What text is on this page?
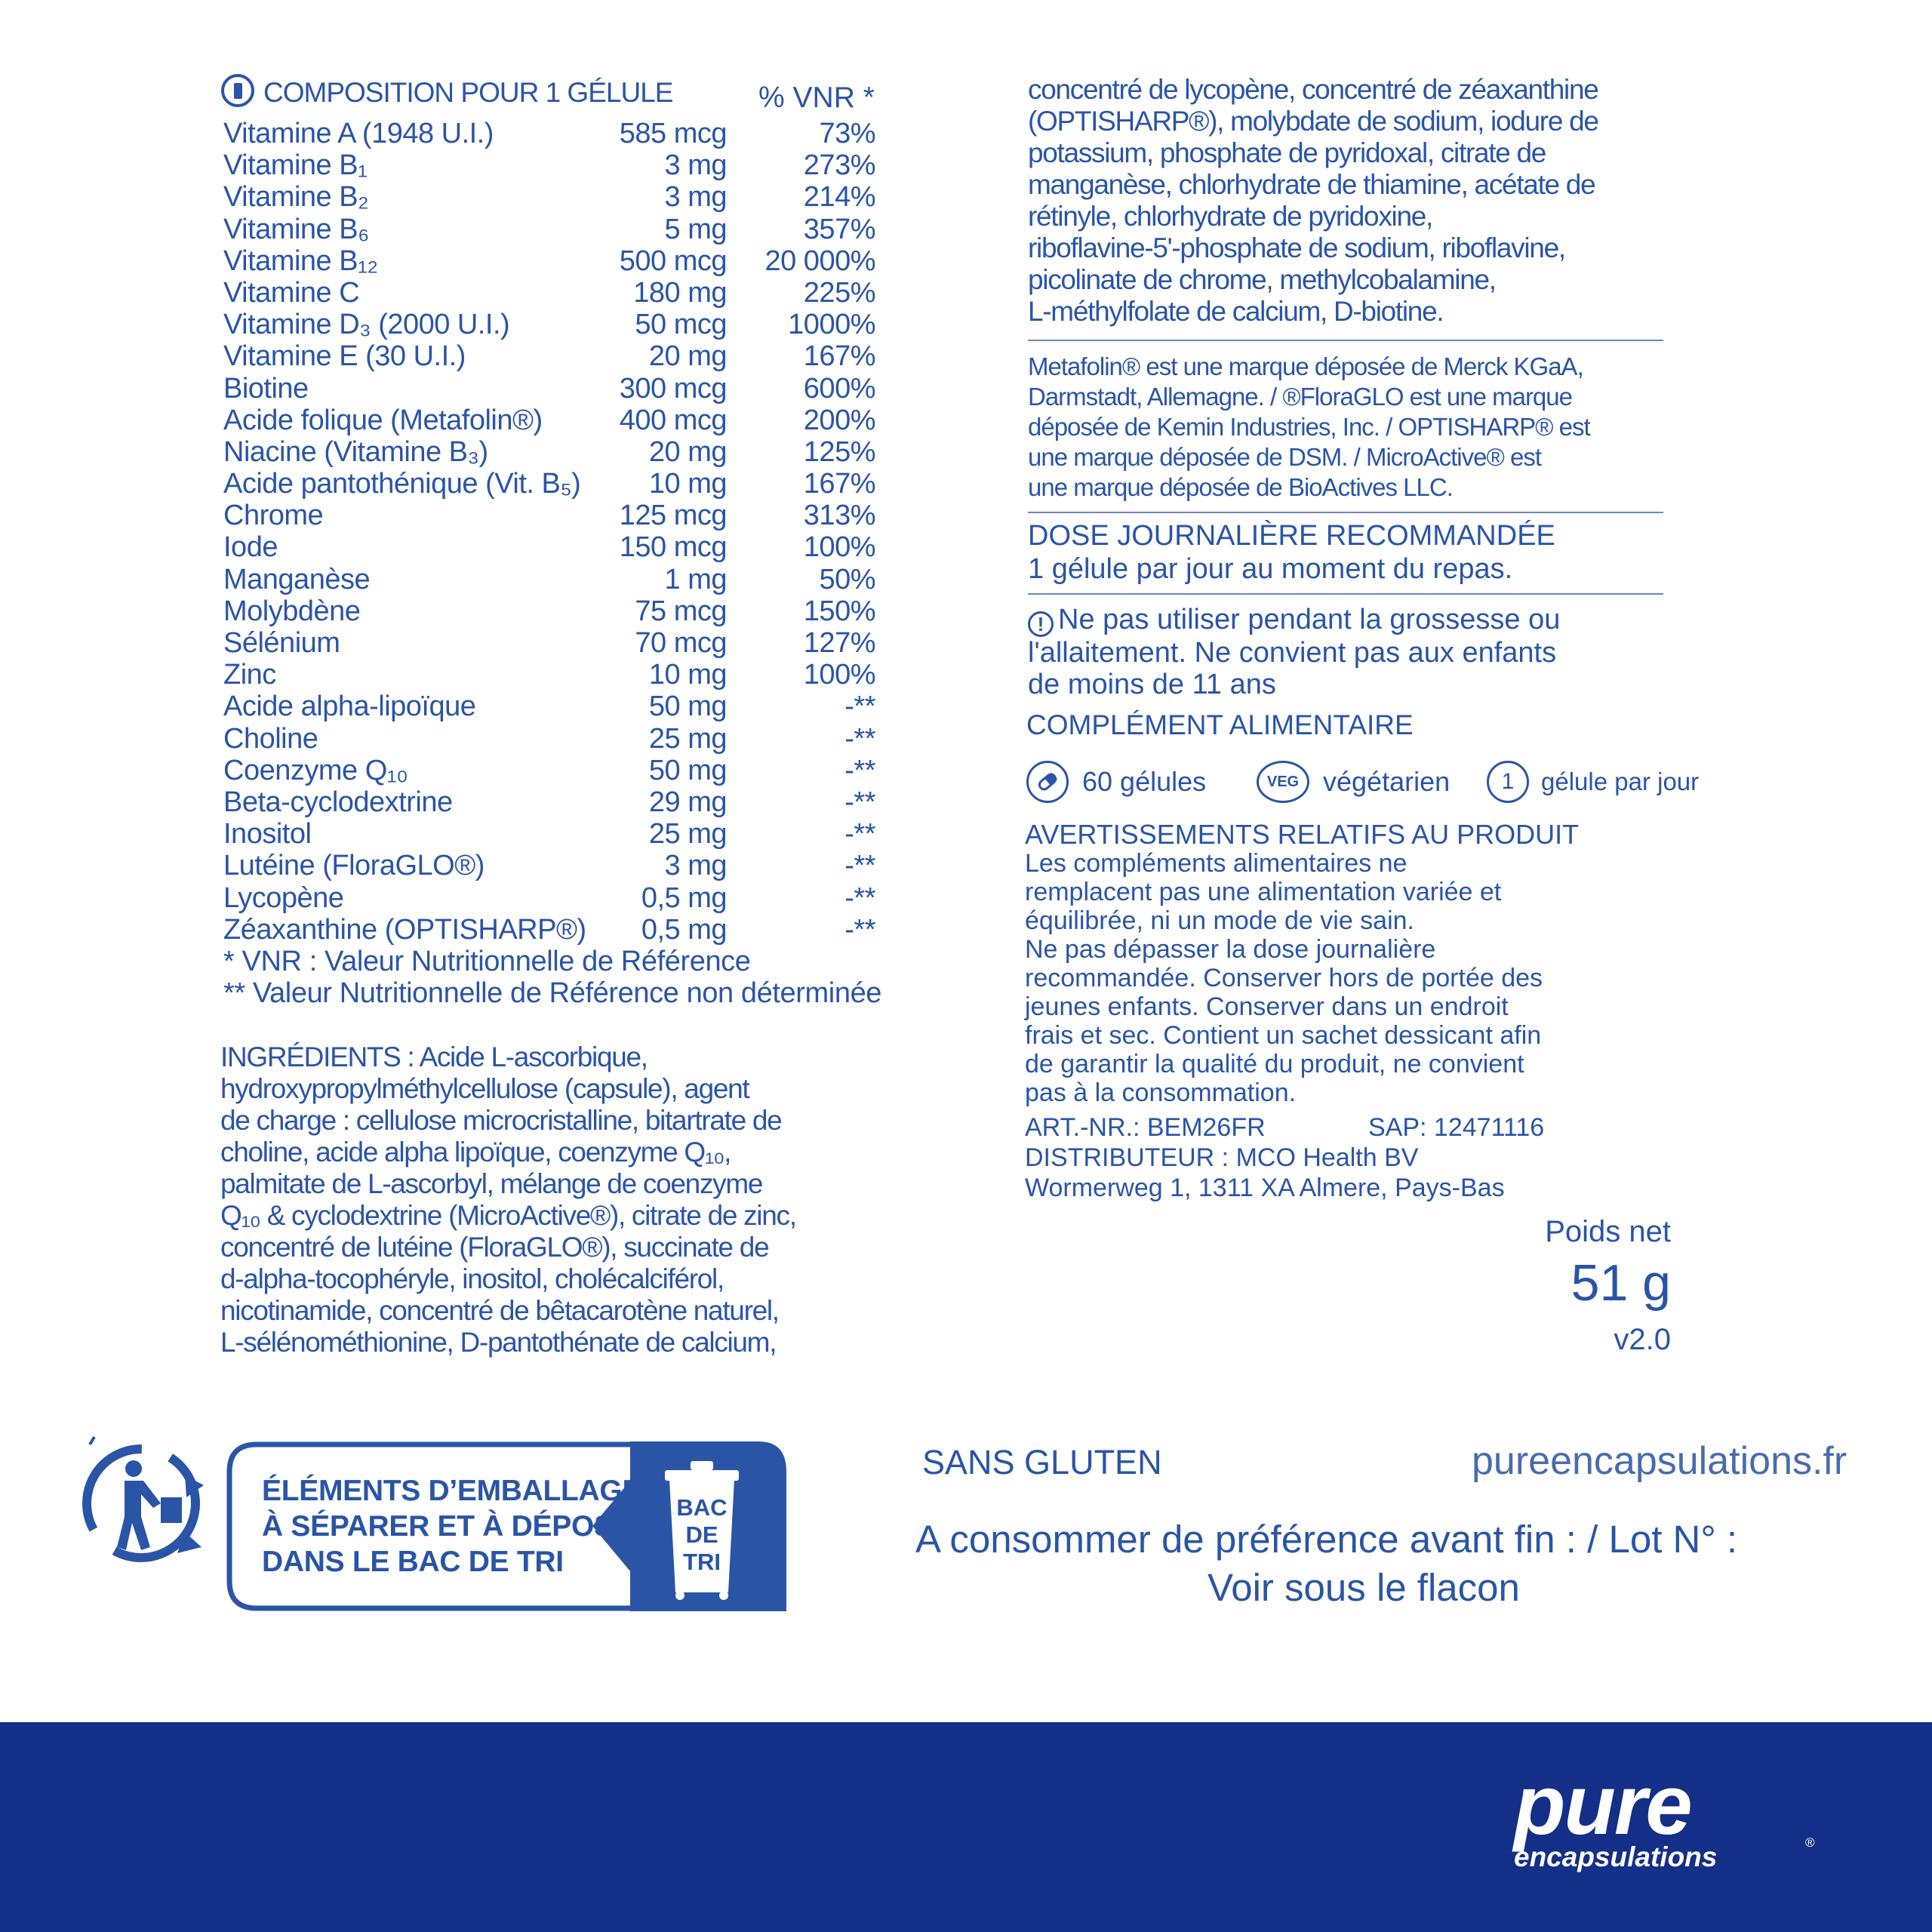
COMPOSITION POUR 1 GÉLULE	% VNR *
Vitamine A (1948 U.I.)	585 mcg	73%
Vitamine B₁	3 mg	273%
Vitamine B₂	3 mg	214%
Vitamine B₆	5 mg	357%
Vitamine B₁₂	500 mcg 20 000%
Vitamine C	180 mg	225%
Vitamine D₃ (2000 U.I.)	50 mcg 1000%
Vitamine E (30 U.I.)	20 mg	167%
Biotine	300 mcg	600%
Acide folique (Metafolin®)	400 mcg	200%
Niacine (Vitamine B₃)	20 mg	125%
Acide pantothénique (Vit. B₅) 10 mg	167%
Chrome	125 mcg	313%
Iode	150 mcg	100%
Manganèse	1 mg	50%
Molybdène	75 mcg	150%
Sélénium	70 mcg	127%
Zinc	10 mg	100%
Acide alpha-lipoïque	50 mg	-**
Choline	25 mg	-**
Coenzyme Q₁₀	50 mg	-**
Beta-cyclodextrine	29 mg	-**
Inositol	25 mg	-**
Lutéine (FloraGLO®)	3 mg	-**
Lycopène	0,5 mg	-**
Zéaxanthine (OPTISHARP®) 0,5 mg	-**
* VNR : Valeur Nutritionnelle de Référence
** Valeur Nutritionnelle de Référence non déterminée
INGRÉDIENTS : Acide L-ascorbique,
hydroxypropylméthylcellulose (capsule), agent
de charge : cellulose microcristalline, bitartrate de
choline, acide alpha lipoïque, coenzyme Q₁₀,
palmitate de L-ascorbyl, mélange de coenzyme
Q₁₀ & cyclodextrine (MicroActive®), citrate de zinc,
concentré de lutéine (FloraGLO®), succinate de
d-alpha-tocophéryle, inositol, cholécalciférol,
nicotinamide, concentré de bêtacarotène naturel,
L-sélénométhionine, D-pantothénate de calcium,
concentré de lycopène, concentré de zéaxanthine
(OPTISHARP®), molybdate de sodium, iodure de
potassium, phosphate de pyridoxal, citrate de
manganèse, chlorhydrate de thiamine, acétate de
rétinyle, chlorhydrate de pyridoxine,
riboflavine-5'-phosphate de sodium, riboflavine,
picolinate de chrome, methylcobalamine,
L-méthylfolate de calcium, D-biotine.
Metafolin® est une marque déposée de Merck KGaA,
Darmstadt, Allemagne. / ®FloraGLO est une marque
déposée de Kemin Industries, Inc. / OPTISHARP® est
une marque déposée de DSM. / MicroActive® est
une marque déposée de BioActives LLC.
DOSE JOURNALIÈRE RECOMMANDÉE
1 gélule par jour au moment du repas.
! Ne pas utiliser pendant la grossesse ou
l'allaitement. Ne convient pas aux enfants
de moins de 11 ans
COMPLÉMENT ALIMENTAIRE
60 gélules	VEG végétarien	1	gélule par jour
AVERTISSEMENTS RELATIFS AU PRODUIT
Les compléments alimentaires ne
remplacent pas une alimentation variée et
équilibrée, ni un mode de vie sain.
Ne pas dépasser la dose journalière
recommandée. Conserver hors de portée des
jeunes enfants. Conserver dans un endroit
frais et sec. Contient un sachet dessicant afin
de garantir la qualité du produit, ne convient
pas à la consommation.
ART.-NR.: BEM26FR	SAP: 12471116
DISTRIBUTEUR : MCO Health BV
Wormerweg 1, 1311 XA Almere, Pays-Bas
Poids net
51 g
v2.0
ÉLÉMENTS D’EMBALLAGE
À SÉPARER ET À DÉPOSER
DANS LE BAC DE TRI
BAC
DE
TRI
SANS GLUTEN	pureencapsulations.fr
A consommer de préférence avant fin : / Lot N° :
Voir sous le flacon
pure
encapsulations	®
